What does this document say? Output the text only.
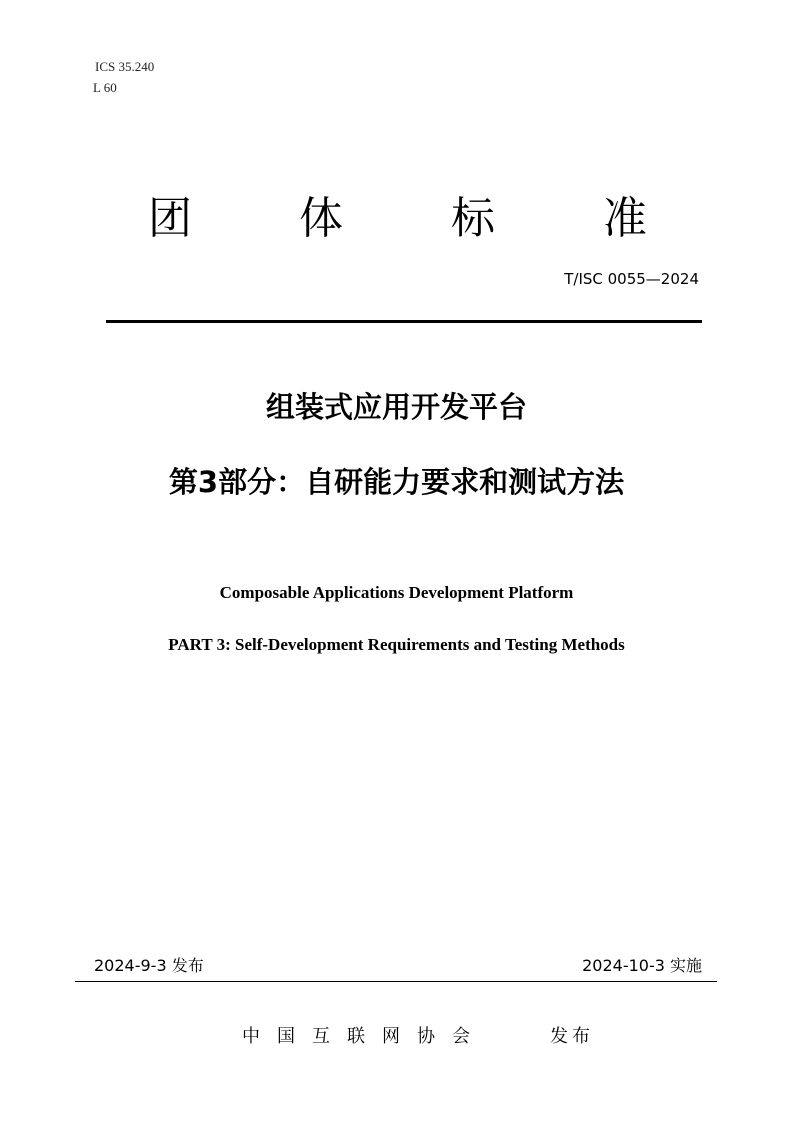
ICS 35.240
L 60
团 体 标 准
T/ISC 0055—2024
组装式应用开发平台
第3部分：自研能力要求和测试方法
Composable Applications Development Platform
PART 3: Self-Development Requirements and Testing Methods
2024-9-3 发布	2024-10-3 实施
中国互联网协会	发布
